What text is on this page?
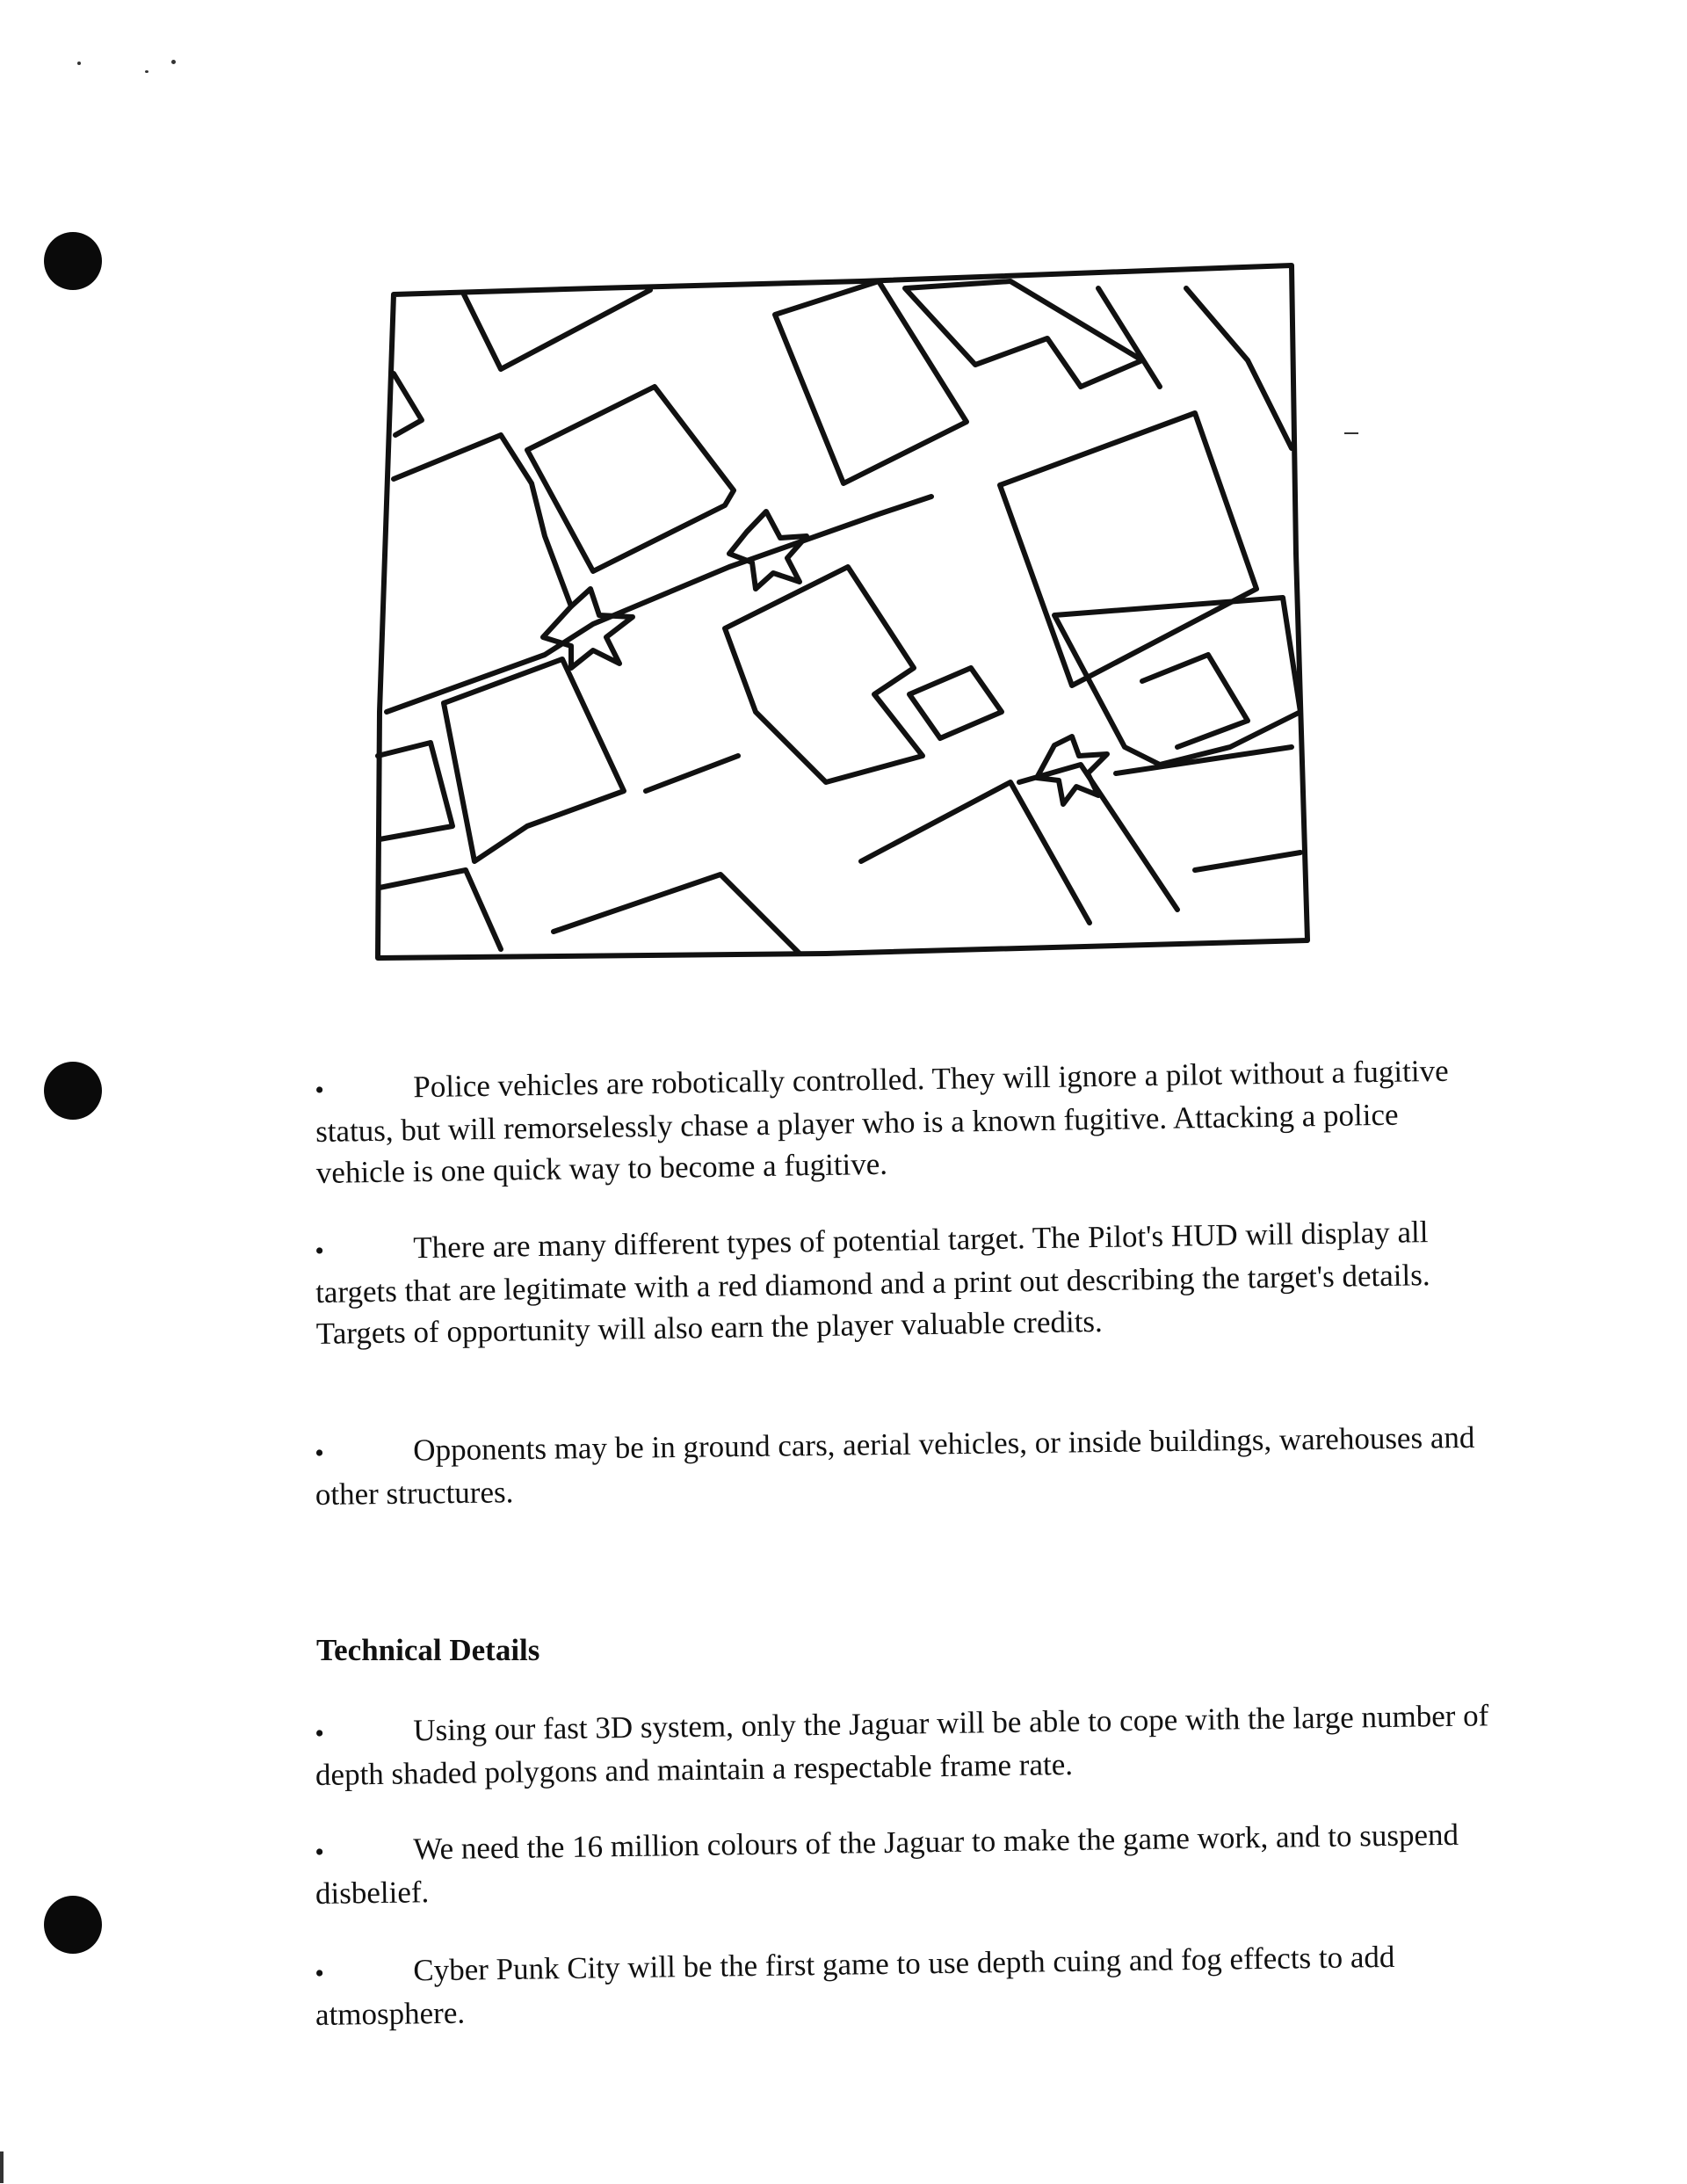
•	Police vehicles are robotically controlled. They will ignore a pilot without a fugitive status, but will remorselessly chase a player who is a known fugitive. Attacking a police vehicle is one quick way to become a fugitive.
•	There are many different types of potential target. The Pilot's HUD will display all targets that are legitimate with a red diamond and a print out describing the target's details. Targets of opportunity will also earn the player valuable credits.
•	Opponents may be in ground cars, aerial vehicles, or inside buildings, warehouses and other structures.
Technical Details
•	Using our fast 3D system, only the Jaguar will be able to cope with the large number of depth shaded polygons and maintain a respectable frame rate.
•	We need the 16 million colours of the Jaguar to make the game work, and to suspend disbelief.
•	Cyber Punk City will be the first game to use depth cuing and fog effects to add atmosphere.
